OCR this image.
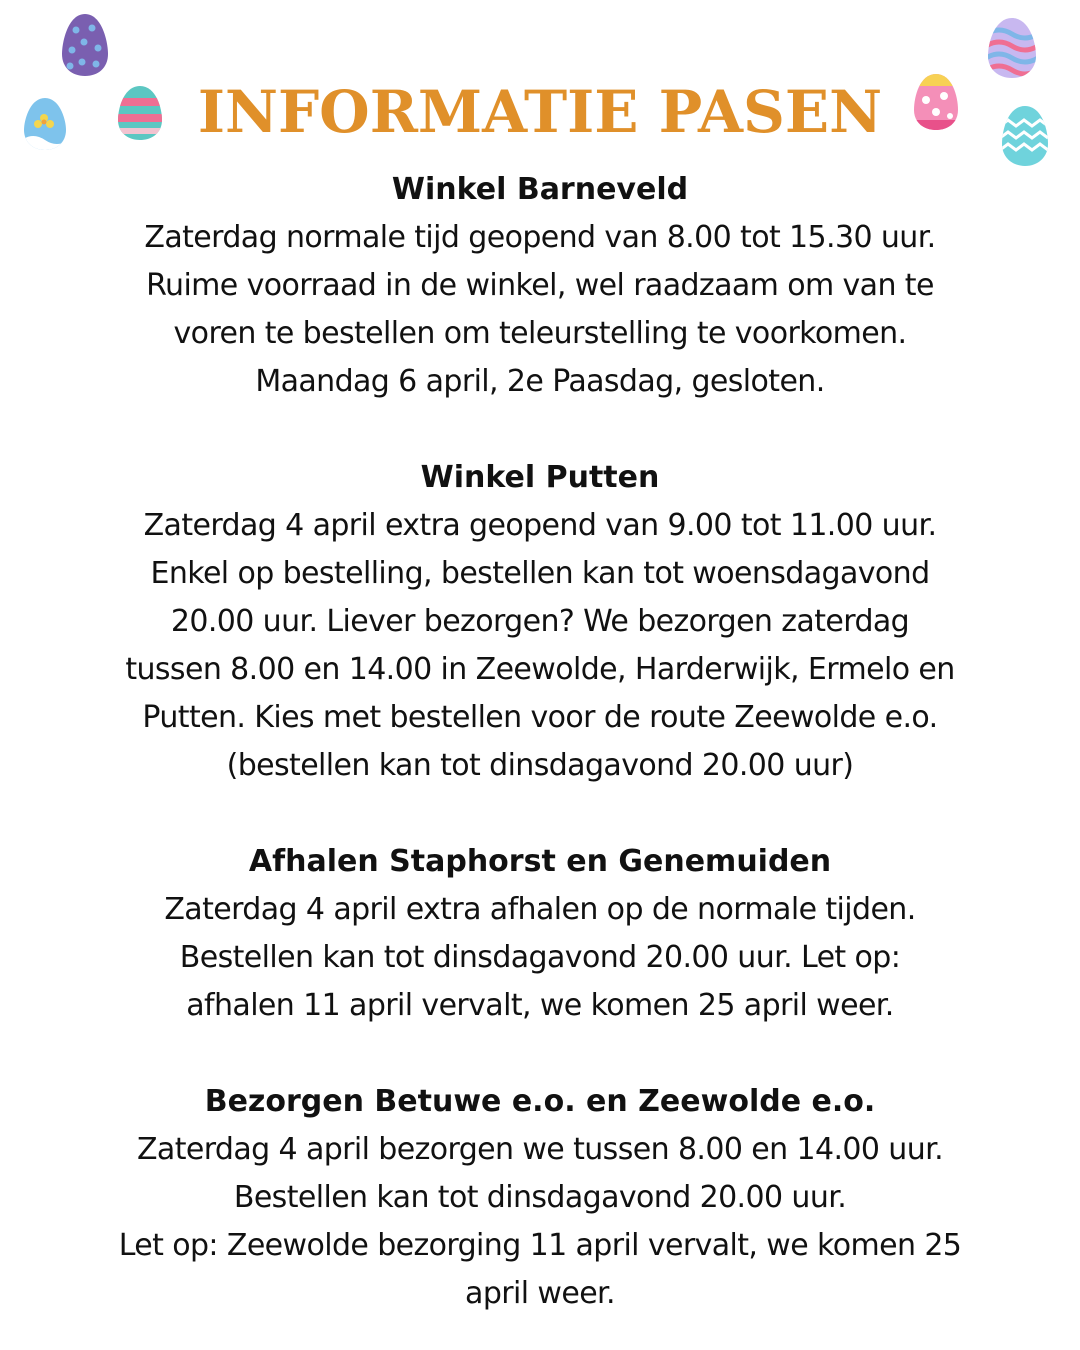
INFORMATIE PASEN

Winkel Barneveld

Zaterdag normale tijd geopend van 8.00 tot 15.30 uur.

Ruime voorraad in de winkel, wel raadzaam om van te

voren te bestellen om teleurstelling te voorkomen.

Maandag 6 april, 2e Paasdag, gesloten.

Winkel Putten

Zaterdag 4 april extra geopend van 9.00 tot 11.00 uur.

Enkel op bestelling, bestellen kan tot woensdagavond

20.00 uur. Liever bezorgen? We bezorgen zaterdag

tussen 8.00 en 14.00 in Zeewolde, Harderwijk, Ermelo en

Putten. Kies met bestellen voor de route Zeewolde e.o.

(bestellen kan tot dinsdagavond 20.00 uur)

Afhalen Staphorst en Genemuiden

Zaterdag 4 april extra afhalen op de normale tijden.

Bestellen kan tot dinsdagavond 20.00 uur. Let op:

afhalen 11 april vervalt, we komen 25 april weer.

Bezorgen Betuwe e.o. en Zeewolde e.o.

Zaterdag 4 april bezorgen we tussen 8.00 en 14.00 uur.

Bestellen kan tot dinsdagavond 20.00 uur.

Let op: Zeewolde bezorging 11 april vervalt, we komen 25

april weer.
